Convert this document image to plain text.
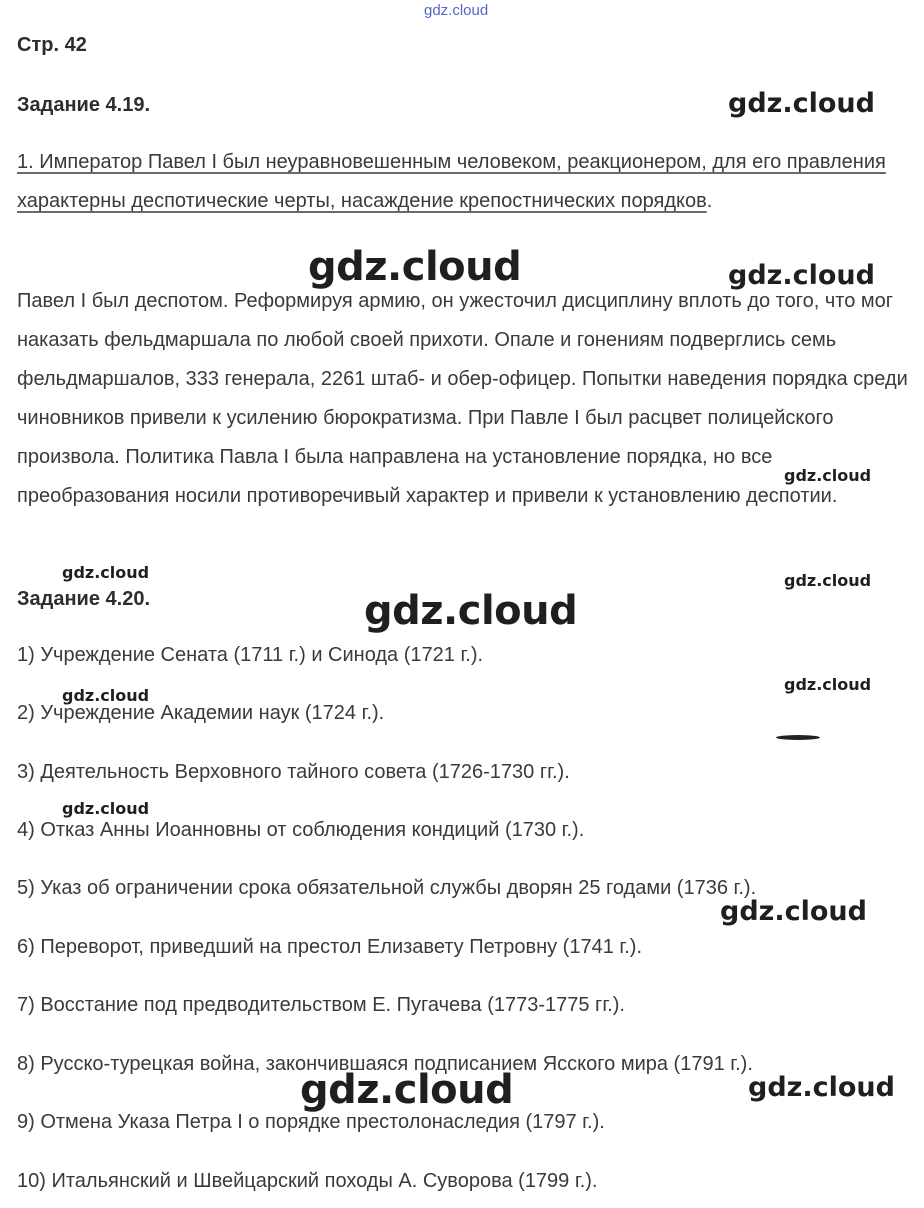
gdz.cloud
Стр. 42
Задание 4.19.
1. Император Павел I был неуравновешенным человеком, реакционером, для его правления характерны деспотические черты, насаждение крепостнических порядков.
Павел I был деспотом. Реформируя армию, он ужесточил дисциплину вплоть до того, что мог наказать фельдмаршала по любой своей прихоти. Опале и гонениям подверглись семь фельдмаршалов, 333 генерала, 2261 штаб- и обер-офицер. Попытки наведения порядка среди чиновников привели к усилению бюрократизма. При Павле I был расцвет полицейского произвола. Политика Павла I была направлена на установление порядка, но все преобразования носили противоречивый характер и привели к установлению деспотии.
Задание 4.20.
1) Учреждение Сената (1711 г.) и Синода (1721 г.).
2) Учреждение Академии наук (1724 г.).
3) Деятельность Верховного тайного совета (1726-1730 гг.).
4) Отказ Анны Иоанновны от соблюдения кондиций (1730 г.).
5) Указ об ограничении срока обязательной службы дворян 25 годами (1736 г.).
6) Переворот, приведший на престол Елизавету Петровну (1741 г.).
7) Восстание под предводительством Е. Пугачева (1773-1775 гг.).
8) Русско-турецкая война, закончившаяся подписанием Ясского мира (1791 г.).
9) Отмена Указа Петра I о порядке престолонаследия (1797 г.).
10) Итальянский и Швейцарский походы А. Суворова (1799 г.).
gdz.cloud
gdz.cloud	gdz.cloud
gdz.cloud
gdz.cloud	gdz.cloud
gdz.cloud
gdz.cloud
gdz.cloud
gdz.cloud
gdz.cloud
gdz.cloud	gdz.cloud
